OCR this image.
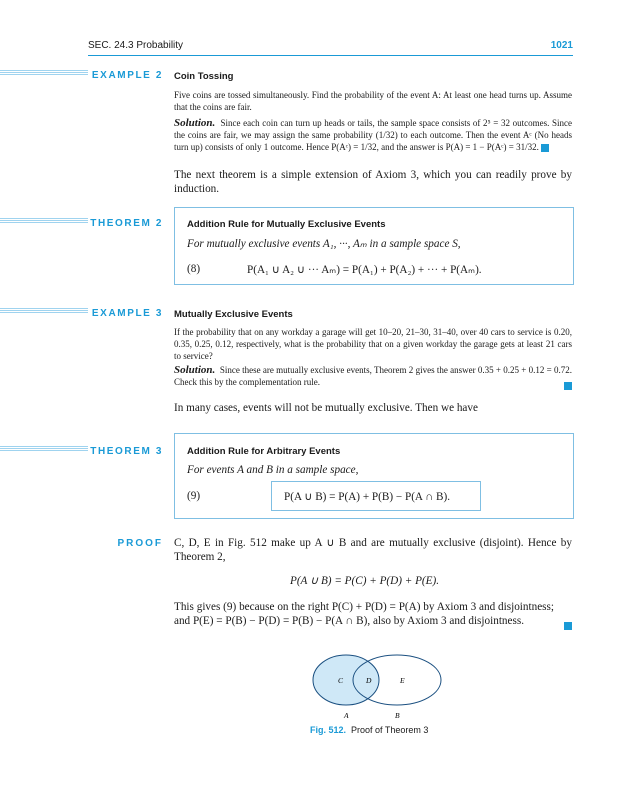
SEC. 24.3 Probability	1021
EXAMPLE 2 Coin Tossing
Five coins are tossed simultaneously. Find the probability of the event A: At least one head turns up. Assume that the coins are fair.
Solution. Since each coin can turn up heads or tails, the sample space consists of 2⁵ = 32 outcomes. Since the coins are fair, we may assign the same probability (1/32) to each outcome. Then the event Aᶜ (No heads turn up) consists of only 1 outcome. Hence P(Aᶜ) = 1/32, and the answer is P(A) = 1 − P(Aᶜ) = 31/32.
The next theorem is a simple extension of Axiom 3, which you can readily prove by induction.
THEOREM 2	Addition Rule for Mutually Exclusive Events
For mutually exclusive events A₁, ···, Aₘ in a sample space S,
(8)	P(A₁ ∪ A₂ ∪ ··· Aₘ) = P(A₁) + P(A₂) + ··· + P(Aₘ).
EXAMPLE 3 Mutually Exclusive Events
If the probability that on any workday a garage will get 10–20, 21–30, 31–40, over 40 cars to service is 0.20, 0.35, 0.25, 0.12, respectively, what is the probability that on a given workday the garage gets at least 21 cars to service?
Solution. Since these are mutually exclusive events, Theorem 2 gives the answer 0.35 + 0.25 + 0.12 = 0.72. Check this by the complementation rule.
In many cases, events will not be mutually exclusive. Then we have
THEOREM 3	Addition Rule for Arbitrary Events
For events A and B in a sample space,
(9)	P(A ∪ B) = P(A) + P(B) − P(A ∩ B).
PROOF C, D, E in Fig. 512 make up A ∪ B and are mutually exclusive (disjoint). Hence by Theorem 2,
P(A ∪ B) = P(C) + P(D) + P(E).
This gives (9) because on the right P(C) + P(D) = P(A) by Axiom 3 and disjointness; and P(E) = P(B) − P(D) = P(B) − P(A ∩ B), also by Axiom 3 and disjointness.
C	D	E
A	B
Fig. 512. Proof of Theorem 3
